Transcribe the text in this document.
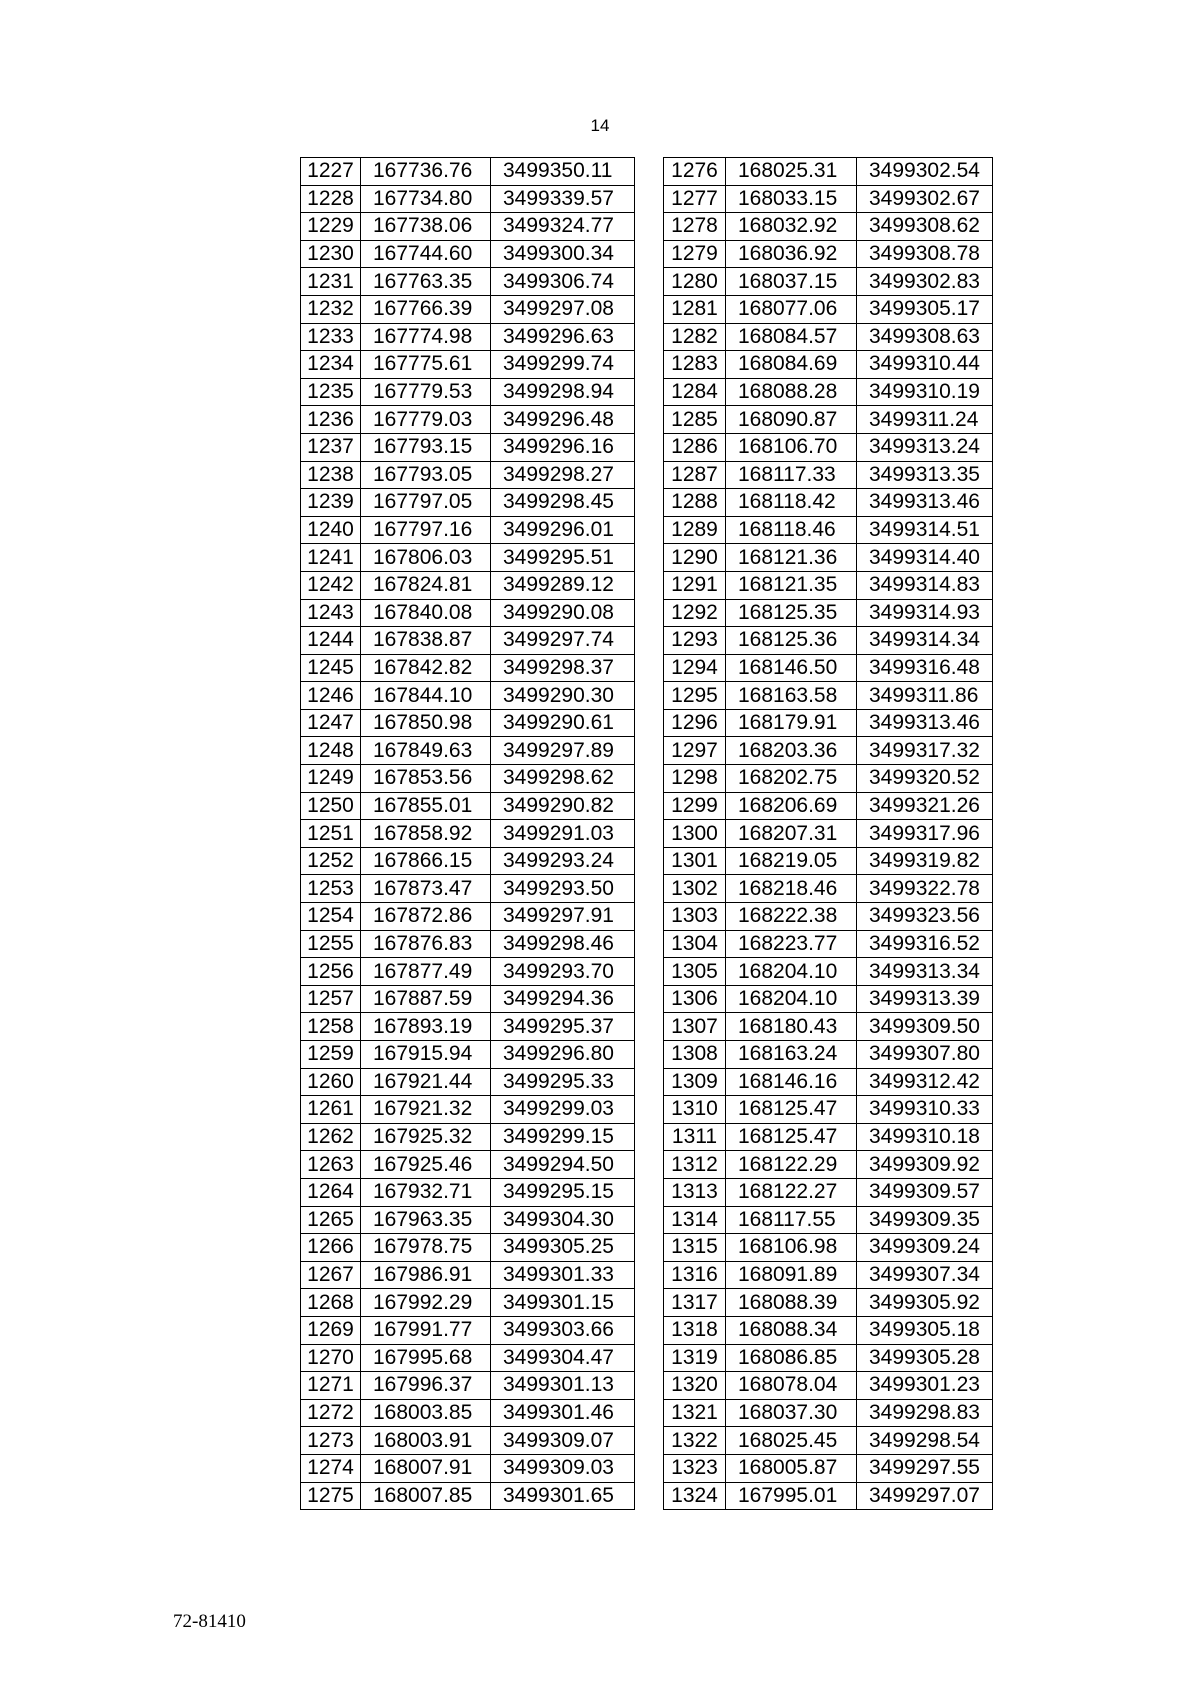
14
1227	167736.76	3499350.11
1228	167734.80	3499339.57
1229	167738.06	3499324.77
1230	167744.60	3499300.34
1231	167763.35	3499306.74
1232	167766.39	3499297.08
1233	167774.98	3499296.63
1234	167775.61	3499299.74
1235	167779.53	3499298.94
1236	167779.03	3499296.48
1237	167793.15	3499296.16
1238	167793.05	3499298.27
1239	167797.05	3499298.45
1240	167797.16	3499296.01
1241	167806.03	3499295.51
1242	167824.81	3499289.12
1243	167840.08	3499290.08
1244	167838.87	3499297.74
1245	167842.82	3499298.37
1246	167844.10	3499290.30
1247	167850.98	3499290.61
1248	167849.63	3499297.89
1249	167853.56	3499298.62
1250	167855.01	3499290.82
1251	167858.92	3499291.03
1252	167866.15	3499293.24
1253	167873.47	3499293.50
1254	167872.86	3499297.91
1255	167876.83	3499298.46
1256	167877.49	3499293.70
1257	167887.59	3499294.36
1258	167893.19	3499295.37
1259	167915.94	3499296.80
1260	167921.44	3499295.33
1261	167921.32	3499299.03
1262	167925.32	3499299.15
1263	167925.46	3499294.50
1264	167932.71	3499295.15
1265	167963.35	3499304.30
1266	167978.75	3499305.25
1267	167986.91	3499301.33
1268	167992.29	3499301.15
1269	167991.77	3499303.66
1270	167995.68	3499304.47
1271	167996.37	3499301.13
1272	168003.85	3499301.46
1273	168003.91	3499309.07
1274	168007.91	3499309.03
1275	168007.85	3499301.65
1276	168025.31	3499302.54
1277	168033.15	3499302.67
1278	168032.92	3499308.62
1279	168036.92	3499308.78
1280	168037.15	3499302.83
1281	168077.06	3499305.17
1282	168084.57	3499308.63
1283	168084.69	3499310.44
1284	168088.28	3499310.19
1285	168090.87	3499311.24
1286	168106.70	3499313.24
1287	168117.33	3499313.35
1288	168118.42	3499313.46
1289	168118.46	3499314.51
1290	168121.36	3499314.40
1291	168121.35	3499314.83
1292	168125.35	3499314.93
1293	168125.36	3499314.34
1294	168146.50	3499316.48
1295	168163.58	3499311.86
1296	168179.91	3499313.46
1297	168203.36	3499317.32
1298	168202.75	3499320.52
1299	168206.69	3499321.26
1300	168207.31	3499317.96
1301	168219.05	3499319.82
1302	168218.46	3499322.78
1303	168222.38	3499323.56
1304	168223.77	3499316.52
1305	168204.10	3499313.34
1306	168204.10	3499313.39
1307	168180.43	3499309.50
1308	168163.24	3499307.80
1309	168146.16	3499312.42
1310	168125.47	3499310.33
1311	168125.47	3499310.18
1312	168122.29	3499309.92
1313	168122.27	3499309.57
1314	168117.55	3499309.35
1315	168106.98	3499309.24
1316	168091.89	3499307.34
1317	168088.39	3499305.92
1318	168088.34	3499305.18
1319	168086.85	3499305.28
1320	168078.04	3499301.23
1321	168037.30	3499298.83
1322	168025.45	3499298.54
1323	168005.87	3499297.55
1324	167995.01	3499297.07
72-81410
